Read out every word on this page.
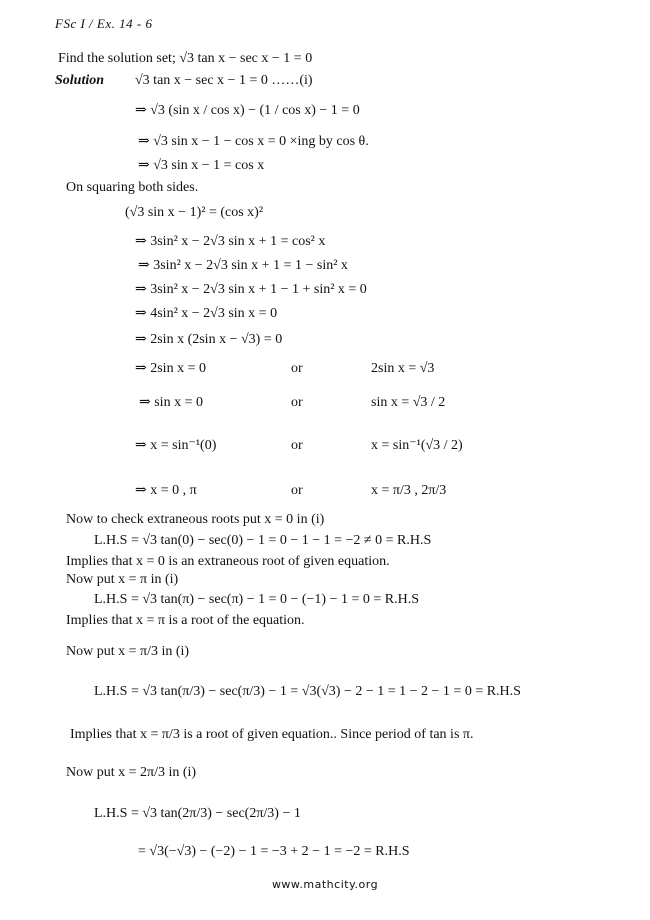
FSc I / Ex. 14 - 6
Find the solution set; √3 tan x − sec x − 1 = 0
Solution √3 tan x − sec x − 1 = 0 ……(i)
⇒ √3 (sin x / cos x) − (1 / cos x) − 1 = 0
⇒ √3 sin x − 1 − cos x = 0 ×ing by cos θ.
⇒ √3 sin x − 1 = cos x
On squaring both sides.
(√3 sin x − 1)² = (cos x)²
⇒ 3sin² x − 2√3 sin x + 1 = cos² x
⇒ 3sin² x − 2√3 sin x + 1 = 1 − sin² x
⇒ 3sin² x − 2√3 sin x + 1 − 1 + sin² x = 0
⇒ 4sin² x − 2√3 sin x = 0
⇒ 2sin x (2sin x − √3) = 0
⇒ 2sin x = 0	or	2sin x = √3
⇒ sin x = 0	or	sin x = √3 / 2
⇒ x = sin⁻¹(0)	or	x = sin⁻¹(√3 / 2)
⇒ x = 0 , π	or	x = π/3 , 2π/3
Now to check extraneous roots put x = 0 in (i)
L.H.S = √3 tan(0) − sec(0) − 1 = 0 − 1 − 1 = −2 ≠ 0 = R.H.S
Implies that x = 0 is an extraneous root of given equation.
Now put x = π in (i)
L.H.S = √3 tan(π) − sec(π) − 1 = 0 − (−1) − 1 = 0 = R.H.S
Implies that x = π is a root of the equation.
Now put x = π/3 in (i)
L.H.S = √3 tan(π/3) − sec(π/3) − 1 = √3(√3) − 2 − 1 = 1 − 2 − 1 = 0 = R.H.S
Implies that x = π/3 is a root of given equation.. Since period of tan is π.
Now put x = 2π/3 in (i)
L.H.S = √3 tan(2π/3) − sec(2π/3) − 1
= √3(−√3) − (−2) − 1 = −3 + 2 − 1 = −2 = R.H.S
www.mathcity.org
